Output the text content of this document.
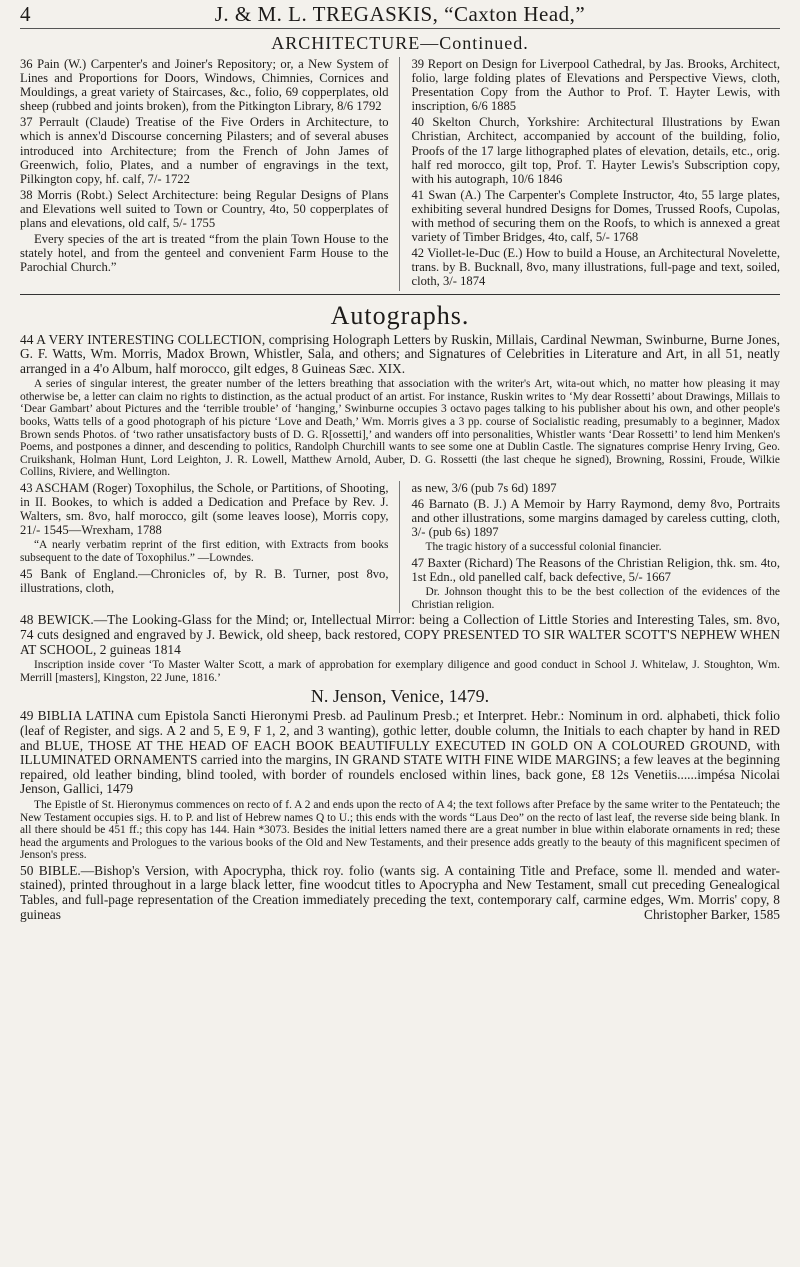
4	J. & M. L. TREGASKIS, “Caxton Head,”
ARCHITECTURE—Continued.

36 Pain (W.) Carpenter's and Joiner's Repository; or, a New System of Lines and Proportions for Doors, Windows, Chimnies, Cornices and Mouldings, a great variety of Staircases, &c., folio, 69 copperplates, old sheep (rubbed and joints broken), from the Pitkington Library, 8/6 1792

37 Perrault (Claude) Treatise of the Five Orders in Architecture, to which is annex'd Discourse concerning Pilasters; and of several abuses introduced into Architecture; from the French of John James of Greenwich, folio, Plates, and a number of engravings in the text, Pilkington copy, hf. calf, 7/- 1722

38 Morris (Robt.) Select Architecture: being Regular Designs of Plans and Elevations well suited to Town or Country, 4to, 50 copperplates of plans and elevations, old calf, 5/- 1755

Every species of the art is treated “from the plain Town House to the stately hotel, and from the genteel and convenient Farm House to the Parochial Church.”

39 Report on Design for Liverpool Cathedral, by Jas. Brooks, Architect, folio, large folding plates of Elevations and Perspective Views, cloth, Presentation Copy from the Author to Prof. T. Hayter Lewis, with inscription, 6/6 1885

40 Skelton Church, Yorkshire: Architectural Illustrations by Ewan Christian, Architect, accompanied by account of the building, folio, Proofs of the 17 large lithographed plates of elevation, details, etc., orig. half red morocco, gilt top, Prof. T. Hayter Lewis's Subscription copy, with his autograph, 10/6 1846

41 Swan (A.) The Carpenter's Complete Instructor, 4to, 55 large plates, exhibiting several hundred Designs for Domes, Trussed Roofs, Cupolas, with method of securing them on the Roofs, to which is annexed a great variety of Timber Bridges, 4to, calf, 5/- 1768

42 Viollet-le-Duc (E.) How to build a House, an Architectural Novelette, trans. by B. Bucknall, 8vo, many illustrations, full-page and text, soiled, cloth, 3/- 1874

Autographs.

44 A VERY INTERESTING COLLECTION, comprising Holograph Letters by Ruskin, Millais, Cardinal Newman, Swinburne, Burne Jones, G. F. Watts, Wm. Morris, Madox Brown, Whistler, Sala, and others; and Signatures of Celebrities in Literature and Art, in all 51, neatly arranged in a 4'o Album, half morocco, gilt edges, 8 Guineas Sæc. XIX.

A series of singular interest, the greater number of the letters breathing that association with the writer's Art, wita-out which, no matter how pleasing it may otherwise be, a letter can claim no rights to distinction, as the actual product of an artist. For instance, Ruskin writes to ‘My dear Rossetti’ about Drawings, Millais to ‘Dear Gambart’ about Pictures and the ‘terrible trouble’ of ‘hanging,’ Swinburne occupies 3 octavo pages talking to his publisher about his own, and other people's books, Watts tells of a good photograph of his picture ‘Love and Death,’ Wm. Morris gives a 3 pp. course of Socialistic reading, presumably to a beginner, Madox Brown sends Photos. of ‘two rather unsatisfactory busts of D. G. R[ossetti],’ and wanders off into personalities, Whistler wants ‘Dear Rossetti’ to lend him Menken's Poems, and postpones a dinner, and descending to politics, Randolph Churchill wants to see some one at Dublin Castle. The signatures comprise Henry Irving, Geo. Cruikshank, Holman Hunt, Lord Leighton, J. R. Lowell, Matthew Arnold, Auber, D. G. Rossetti (the last cheque he signed), Browning, Rossini, Froude, Wilkie Collins, Riviere, and Wellington.

43 ASCHAM (Roger) Toxophilus, the Schole, or Partitions, of Shooting, in II. Bookes, to which is added a Dedication and Preface by Rev. J. Walters, sm. 8vo, half morocco, gilt (some leaves loose), Morris copy, 21/- 1545—Wrexham, 1788

“A nearly verbatim reprint of the first edition, with Extracts from books subsequent to the date of Toxophilus.” —Lowndes.

45 Bank of England.—Chronicles of, by R. B. Turner, post 8vo, illustrations, cloth,

as new, 3/6 (pub 7s 6d) 1897

46 Barnato (B. J.) A Memoir by Harry Raymond, demy 8vo, Portraits and other illustrations, some margins damaged by careless cutting, cloth, 3/- (pub 6s) 1897

The tragic history of a successful colonial financier.

47 Baxter (Richard) The Reasons of the Christian Religion, thk. sm. 4to, 1st Edn., old panelled calf, back defective, 5/- 1667

Dr. Johnson thought this to be the best collection of the evidences of the Christian religion.

48 BEWICK.—The Looking-Glass for the Mind; or, Intellectual Mirror: being a Collection of Little Stories and Interesting Tales, sm. 8vo, 74 cuts designed and engraved by J. Bewick, old sheep, back restored, COPY PRESENTED TO SIR WALTER SCOTT'S NEPHEW WHEN AT SCHOOL, 2 guineas 1814

Inscription inside cover ‘To Master Walter Scott, a mark of approbation for exemplary diligence and good conduct in School J. Whitelaw, J. Stoughton, Wm. Merrill [masters], Kingston, 22 June, 1816.’

N. Jenson, Venice, 1479.

49 BIBLIA LATINA cum Epistola Sancti Hieronymi Presb. ad Paulinum Presb.; et Interpret. Hebr.: Nominum in ord. alphabeti, thick folio (leaf of Register, and sigs. A 2 and 5, E 9, F 1, 2, and 3 wanting), gothic letter, double column, the Initials to each chapter by hand in RED and BLUE, THOSE AT THE HEAD OF EACH BOOK BEAUTIFULLY EXECUTED IN GOLD ON A COLOURED GROUND, with ILLUMINATED ORNAMENTS carried into the margins, IN GRAND STATE WITH FINE WIDE MARGINS; a few leaves at the beginning repaired, old leather binding, blind tooled, with border of roundels enclosed within lines, back gone, £8 12s Venetiis......impésa Nicolai Jenson, Gallici, 1479

The Epistle of St. Hieronymus commences on recto of f. A 2 and ends upon the recto of A 4; the text follows after Preface by the same writer to the Pentateuch; the New Testament occupies sigs. H. to P. and list of Hebrew names Q to U.; this ends with the words “Laus Deo” on the recto of last leaf, the reverse side being blank. In all there should be 451 ff.; this copy has 144. Hain *3073. Besides the initial letters named there are a great number in blue within elaborate ornaments in red; these head the arguments and Prologues to the various books of the Old and New Testaments, and their presence adds greatly to the beauty of this magnificent specimen of Jenson's press.

50 BIBLE.—Bishop's Version, with Apocrypha, thick roy. folio (wants sig. A containing Title and Preface, some ll. mended and water-stained), printed throughout in a large black letter, fine woodcut titles to Apocrypha and New Testament, small cut preceding Genealogical Tables, and full-page representation of the Creation immediately preceding the text, contemporary calf, carmine edges, Wm. Morris' copy, 8 guineas	Christopher Barker, 1585
